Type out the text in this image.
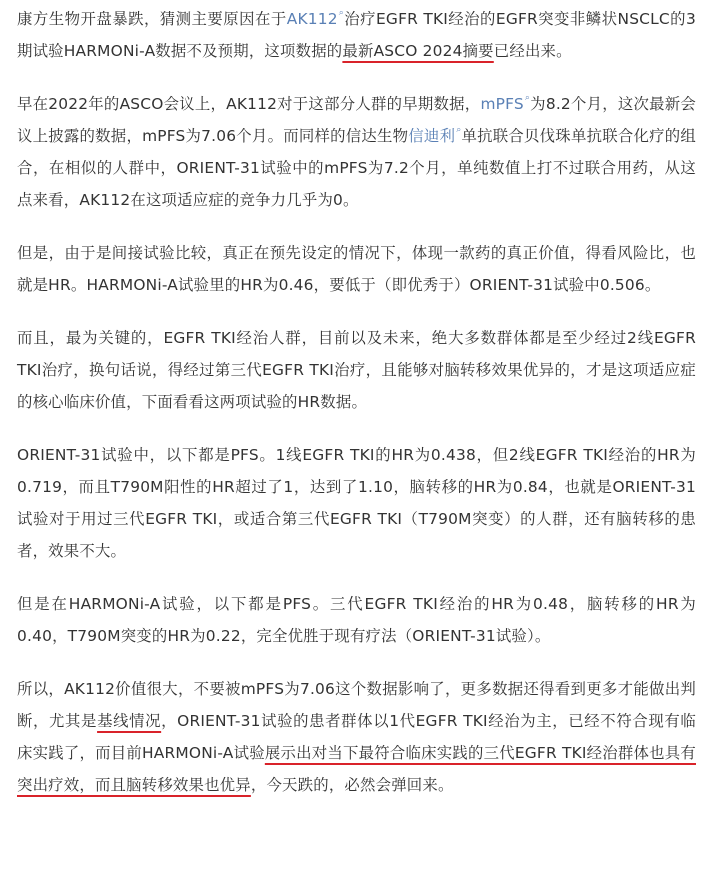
康方生物开盘暴跌，猜测主要原因在于AK112⌕治疗EGFR TKI经治的EGFR突变非鳞状NSCLC的3期试验HARMONi-A数据不及预期，这项数据的最新ASCO 2024摘要已经出来。

早在2022年的ASCO会议上，AK112对于这部分人群的早期数据，mPFS⌕为8.2个月，这次最新会议上披露的数据，mPFS为7.06个月。而同样的信达生物信迪利⌕单抗联合贝伐珠单抗联合化疗的组合，在相似的人群中，ORIENT-31试验中的mPFS为7.2个月，单纯数值上打不过联合用药，从这点来看，AK112在这项适应症的竞争力几乎为0。

但是，由于是间接试验比较，真正在预先设定的情况下，体现一款药的真正价值，得看风险比，也就是HR。HARMONi-A试验里的HR为0.46，要低于（即优秀于）ORIENT-31试验中0.506。

而且，最为关键的，EGFR TKI经治人群，目前以及未来，绝大多数群体都是至少经过2线EGFR TKI治疗，换句话说，得经过第三代EGFR TKI治疗，且能够对脑转移效果优异的，才是这项适应症的核心临床价值，下面看看这两项试验的HR数据。

ORIENT-31试验中，以下都是PFS。1线EGFR TKI的HR为0.438，但2线EGFR TKI经治的HR为0.719，而且T790M阳性的HR超过了1，达到了1.10，脑转移的HR为0.84，也就是ORIENT-31试验对于用过三代EGFR TKI，或适合第三代EGFR TKI（T790M突变）的人群，还有脑转移的患者，效果不大。

但是在HARMONi-A试验，以下都是PFS。三代EGFR TKI经治的HR为0.48，脑转移的HR为0.40，T790M突变的HR为0.22，完全优胜于现有疗法（ORIENT-31试验）。

所以，AK112价值很大，不要被mPFS为7.06这个数据影响了，更多数据还得看到更多才能做出判断，尤其是基线情况，ORIENT-31试验的患者群体以1代EGFR TKI经治为主，已经不符合现有临床实践了，而目前HARMONi-A试验展示出对当下最符合临床实践的三代EGFR TKI经治群体也具有突出疗效，而且脑转移效果也优异，今天跌的，必然会弹回来。
